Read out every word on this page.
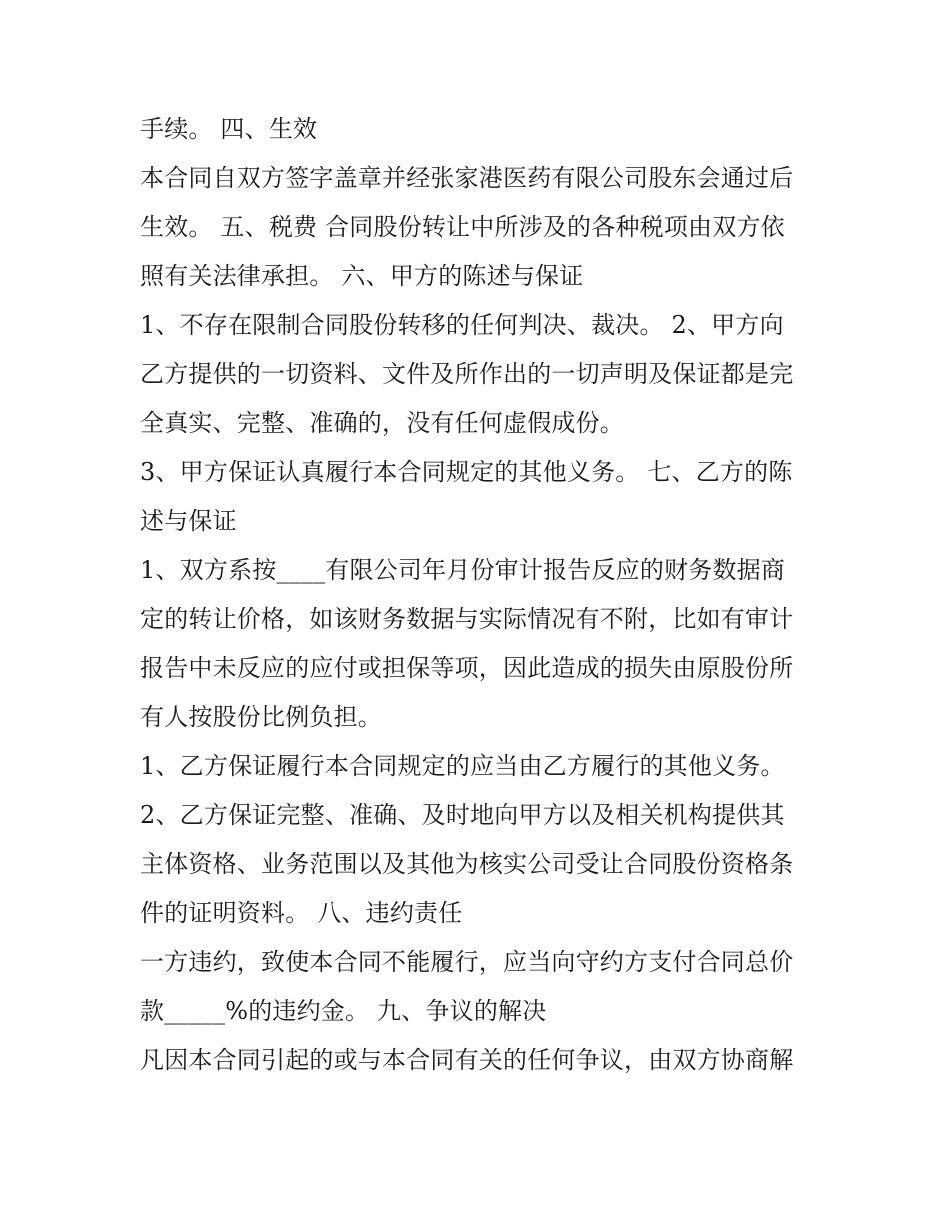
手续。 四、生效
本合同自双方签字盖章并经张家港医药有限公司股东会通过后
生效。 五、税费 合同股份转让中所涉及的各种税项由双方依
照有关法律承担。 六、甲方的陈述与保证
1、不存在限制合同股份转移的任何判决、裁决。 2、甲方向
乙方提供的一切资料、文件及所作出的一切声明及保证都是完
全真实、完整、准确的，没有任何虚假成份。
3、甲方保证认真履行本合同规定的其他义务。 七、乙方的陈
述与保证
1、双方系按____有限公司年月份审计报告反应的财务数据商
定的转让价格，如该财务数据与实际情况有不附，比如有审计
报告中未反应的应付或担保等项，因此造成的损失由原股份所
有人按股份比例负担。
1、乙方保证履行本合同规定的应当由乙方履行的其他义务。
2、乙方保证完整、准确、及时地向甲方以及相关机构提供其
主体资格、业务范围以及其他为核实公司受让合同股份资格条
件的证明资料。 八、违约责任
一方违约，致使本合同不能履行，应当向守约方支付合同总价
款_____%的违约金。 九、争议的解决
凡因本合同引起的或与本合同有关的任何争议，由双方协商解
